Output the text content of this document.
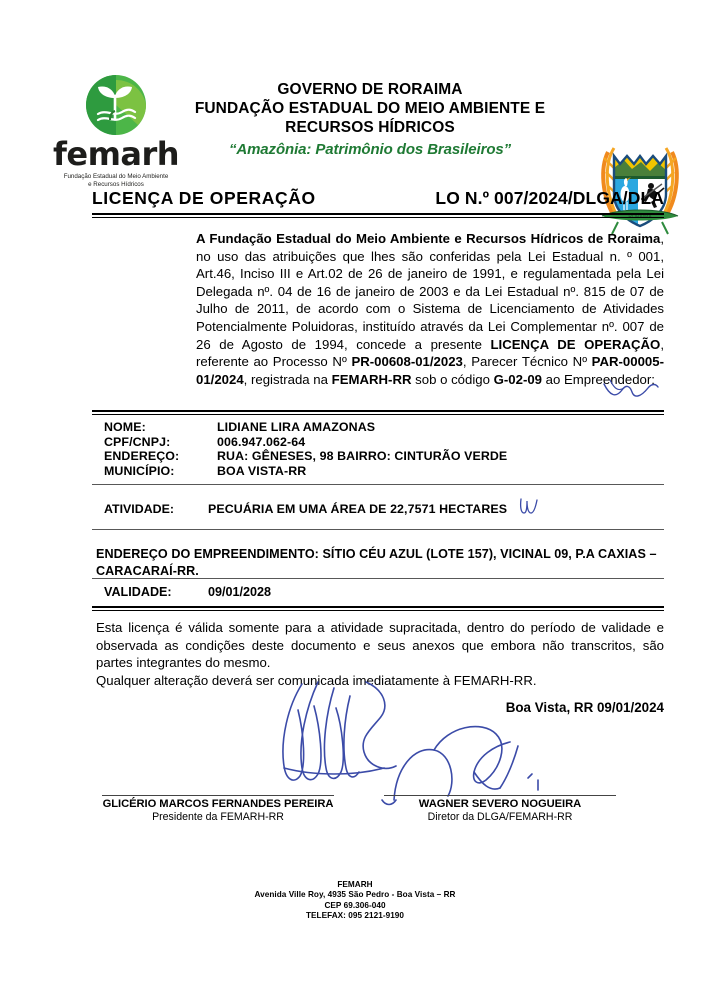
femarh
Fundação Estadual do Meio Ambiente
e Recursos Hídricos
GOVERNO DE RORAIMA
FUNDAÇÃO ESTADUAL DO MEIO AMBIENTE E
RECURSOS HÍDRICOS
“Amazônia: Patrimônio dos Brasileiros”
RORAIMA
LICENÇA DE OPERAÇÃO	LO N.º 007/2024/DLGA/DLA
A Fundação Estadual do Meio Ambiente e Recursos Hídricos de Roraima, no uso das atribuições que lhes são conferidas pela Lei Estadual n. º 001, Art.46, Inciso III e Art.02 de 26 de janeiro de 1991, e regulamentada pela Lei Delegada nº. 04 de 16 de janeiro de 2003 e da Lei Estadual nº. 815 de 07 de Julho de 2011, de acordo com o Sistema de Licenciamento de Atividades Potencialmente Poluidoras, instituído através da Lei Complementar nº. 007 de 26 de Agosto de 1994, concede a presente LICENÇA DE OPERAÇÃO, referente ao Processo Nº PR-00608-01/2023, Parecer Técnico Nº PAR-00005-01/2024, registrada na FEMARH-RR sob o código G-02-09 ao Empreendedor:
NOME:	LIDIANE LIRA AMAZONAS
CPF/CNPJ:	006.947.062-64
ENDEREÇO:	RUA: GÊNESES, 98 BAIRRO: CINTURÃO VERDE
MUNICÍPIO:	BOA VISTA-RR
ATIVIDADE:	PECUÁRIA EM UMA ÁREA DE 22,7571 HECTARES
ENDEREÇO DO EMPREENDIMENTO: SÍTIO CÉU AZUL (LOTE 157), VICINAL 09, P.A CAXIAS – CARACARAÍ-RR.
VALIDADE:	09/01/2028
Esta licença é válida somente para a atividade supracitada, dentro do período de validade e observada as condições deste documento e seus anexos que embora não transcritos, são partes integrantes do mesmo.
Qualquer alteração deverá ser comunicada imediatamente à FEMARH-RR.
Boa Vista, RR 09/01/2024
GLICÉRIO MARCOS FERNANDES PEREIRA
Presidente da FEMARH-RR
WAGNER SEVERO NOGUEIRA
Diretor da DLGA/FEMARH-RR
FEMARH
Avenida Ville Roy, 4935 São Pedro - Boa Vista – RR
CEP 69.306-040
TELEFAX: 095 2121-9190
